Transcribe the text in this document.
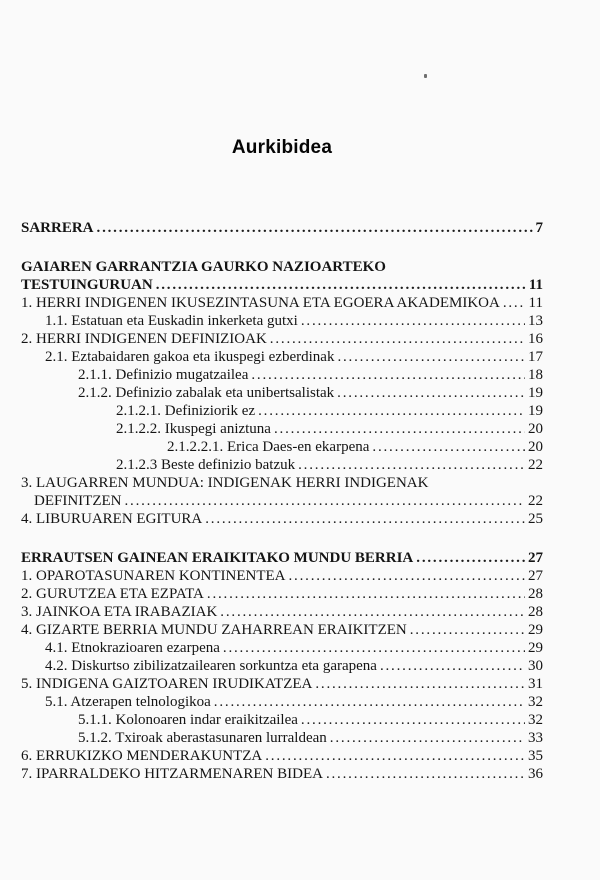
Aurkibidea
SARRERA .....	7
GAIAREN GARRANTZIA GAURKO NAZIOARTEKO
TESTUINGURUAN .....	11
1. HERRI INDIGENEN IKUSEZINTASUNA ETA EGOERA AKADEMIKOA ..... 11
1.1. Estatuan eta Euskadin inkerketa gutxi .....	13
2. HERRI INDIGENEN DEFINIZIOAK .....	16
2.1. Eztabaidaren gakoa eta ikuspegi ezberdinak .....	17
2.1.1. Definizio mugatzailea .....	18
2.1.2. Definizio zabalak eta unibertsalistak .....	19
2.1.2.1. Definiziorik ez .....	19
2.1.2.2. Ikuspegi aniztuna .....	20
2.1.2.2.1. Erica Daes-en ekarpena .....	20
2.1.2.3 Beste definizio batzuk .....	22
3. LAUGARREN MUNDUA: INDIGENAK HERRI INDIGENAK
DEFINITZEN .....	22
4. LIBURUAREN EGITURA .....	25
ERRAUTSEN GAINEAN ERAIKITAKO MUNDU BERRIA .....	27
1. OPAROTASUNAREN KONTINENTEA .....	27
2. GURUTZEA ETA EZPATA .....	28
3. JAINKOA ETA IRABAZIAK .....	28
4. GIZARTE BERRIA MUNDU ZAHARREAN ERAIKITZEN .....	29
4.1. Etnokrazioaren ezarpena .....	29
4.2. Diskurtso zibilizatzailearen sorkuntza eta garapena .....	30
5. INDIGENA GAIZTOAREN IRUDIKATZEA .....	31
5.1. Atzerapen telnologikoa .....	32
5.1.1. Kolonoaren indar eraikitzailea .....	32
5.1.2. Txiroak aberastasunaren lurraldean .....	33
6. ERRUKIZKO MENDERAKUNTZA .....	35
7. IPARRALDEKO HITZARMENAREN BIDEA .....	36
